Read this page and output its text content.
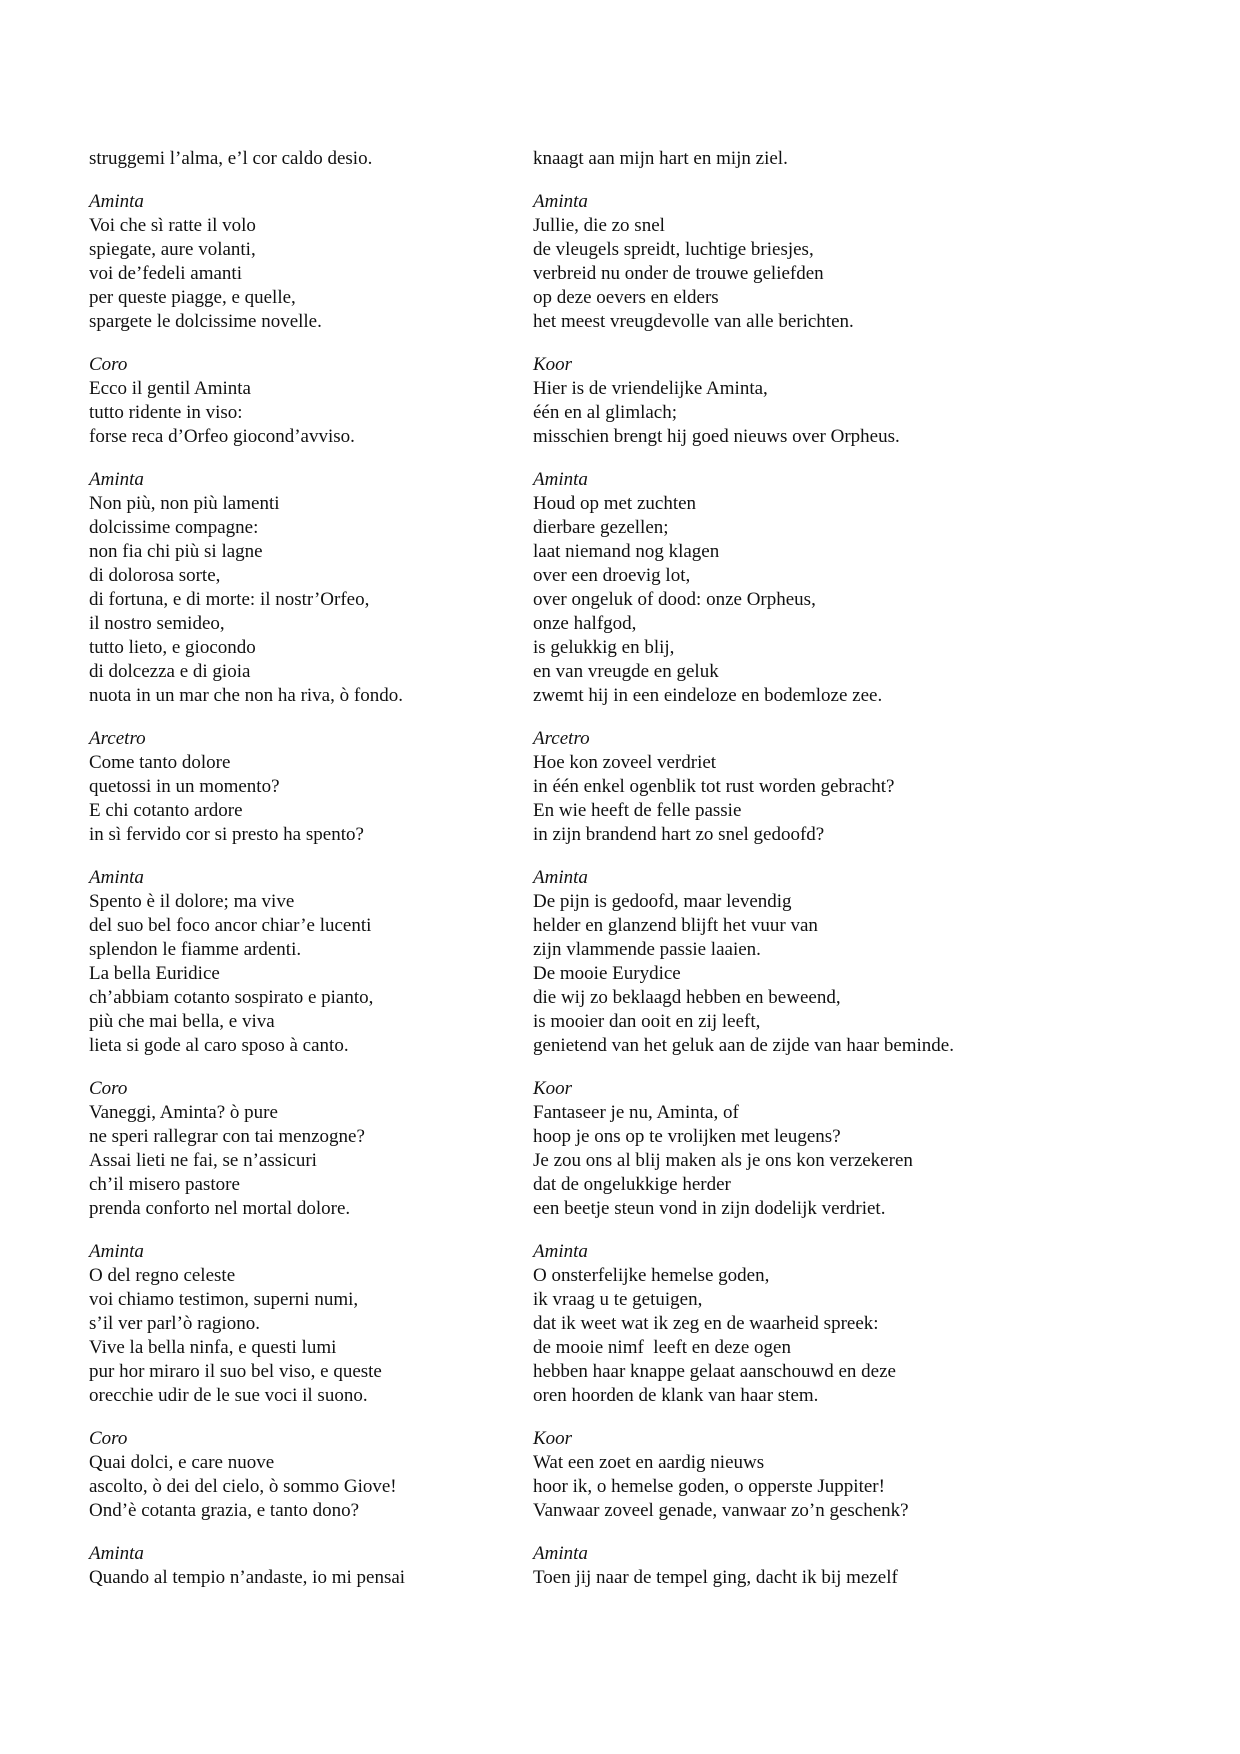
struggemi l’alma, e’l cor caldo desio.
Aminta
Voi che sì ratte il volo
spiegate, aure volanti,
voi de’fedeli amanti
per queste piagge, e quelle,
spargete le dolcissime novelle.
Coro
Ecco il gentil Aminta
tutto ridente in viso:
forse reca d’Orfeo giocond’avviso.
Aminta
Non più, non più lamenti
dolcissime compagne:
non fia chi più si lagne
di dolorosa sorte,
di fortuna, e di morte: il nostr’Orfeo,
il nostro semideo,
tutto lieto, e giocondo
di dolcezza e di gioia
nuota in un mar che non ha riva, ò fondo.
Arcetro
Come tanto dolore
quetossi in un momento?
E chi cotanto ardore
in sì fervido cor si presto ha spento?
Aminta
Spento è il dolore; ma vive
del suo bel foco ancor chiar’e lucenti
splendon le fiamme ardenti.
La bella Euridice
ch’abbiam cotanto sospirato e pianto,
più che mai bella, e viva
lieta si gode al caro sposo à canto.
Coro
Vaneggi, Aminta? ò pure
ne speri rallegrar con tai menzogne?
Assai lieti ne fai, se n’assicuri
ch’il misero pastore
prenda conforto nel mortal dolore.
Aminta
O del regno celeste
voi chiamo testimon, superni numi,
s’il ver parl’ò ragiono.
Vive la bella ninfa, e questi lumi
pur hor miraro il suo bel viso, e queste
orecchie udir de le sue voci il suono.
Coro
Quai dolci, e care nuove
ascolto, ò dei del cielo, ò sommo Giove!
Ond’è cotanta grazia, e tanto dono?
Aminta
Quando al tempio n’andaste, io mi pensai
knaagt aan mijn hart en mijn ziel.
Aminta
Jullie, die zo snel
de vleugels spreidt, luchtige briesjes,
verbreid nu onder de trouwe geliefden
op deze oevers en elders
het meest vreugdevolle van alle berichten.
Koor
Hier is de vriendelijke Aminta,
één en al glimlach;
misschien brengt hij goed nieuws over Orpheus.
Aminta
Houd op met zuchten
dierbare gezellen;
laat niemand nog klagen
over een droevig lot,
over ongeluk of dood: onze Orpheus,
onze halfgod,
is gelukkig en blij,
en van vreugde en geluk
zwemt hij in een eindeloze en bodemloze zee.
Arcetro
Hoe kon zoveel verdriet
in één enkel ogenblik tot rust worden gebracht?
En wie heeft de felle passie
in zijn brandend hart zo snel gedoofd?
Aminta
De pijn is gedoofd, maar levendig
helder en glanzend blijft het vuur van
zijn vlammende passie laaien.
De mooie Eurydice
die wij zo beklaagd hebben en beweend,
is mooier dan ooit en zij leeft,
genietend van het geluk aan de zijde van haar beminde.
Koor
Fantaseer je nu, Aminta, of
hoop je ons op te vrolijken met leugens?
Je zou ons al blij maken als je ons kon verzekeren
dat de ongelukkige herder
een beetje steun vond in zijn dodelijk verdriet.
Aminta
O onsterfelijke hemelse goden,
ik vraag u te getuigen,
dat ik weet wat ik zeg en de waarheid spreek:
de mooie nimf  leeft en deze ogen
hebben haar knappe gelaat aanschouwd en deze
oren hoorden de klank van haar stem.
Koor
Wat een zoet en aardig nieuws
hoor ik, o hemelse goden, o opperste Juppiter!
Vanwaar zoveel genade, vanwaar zo’n geschenk?
Aminta
Toen jij naar de tempel ging, dacht ik bij mezelf
